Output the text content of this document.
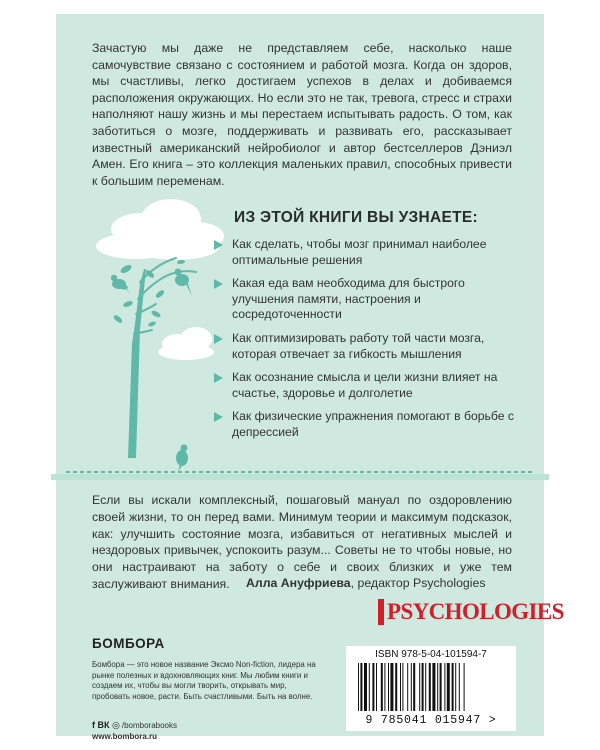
Зачастую мы даже не представляем себе, насколько наше самочувствие связано с состоянием и работой мозга. Когда он здоров, мы счастливы, легко достигаем успехов в делах и добиваемся расположения окружающих. Но если это не так, тревога, стресс и страхи наполняют нашу жизнь и мы перестаем испытывать радость. О том, как заботиться о мозге, поддерживать и развивать его, рассказывает известный американский нейробиолог и автор бестселлеров Дэниэл Амен. Его книга – это коллекция маленьких правил, способных привести к большим переменам.

ИЗ ЭТОЙ КНИГИ ВЫ УЗНАЕТЕ:
Как сделать, чтобы мозг принимал наиболее оптимальные решения
Какая еда вам необходима для быстрого улучшения памяти, настроения и сосредоточенности
Как оптимизировать работу той части мозга, которая отвечает за гибкость мышления
Как осознание смысла и цели жизни влияет на счастье, здоровье и долголетие
Как физические упражнения помогают в борьбе с депрессией

Если вы искали комплексный, пошаговый мануал по оздоровлению своей жизни, то он перед вами. Минимум теории и максимум подсказок, как: улучшить состояние мозга, избавиться от негативных мыслей и нездоровых привычек, успокоить разум... Советы не то чтобы новые, но они настраивают на заботу о себе и своих близких и уже тем заслуживают внимания.	Алла Ануфриева, редактор Psychologies
PSYCHOLOGIES
БОМБОРА

Бомбора — это новое название Эксмо Non-fiction, лидера на рынке полезных и вдохновляющих книг. Мы любим книги и создаем их, чтобы вы могли творить, открывать мир, пробовать новое, расти. Быть счастливыми. Быть на волне.

f ВК ◎ /bomborabooks
www.bombora.ru
ISBN 978-5-04-101594-7
9 785041 015947 >
